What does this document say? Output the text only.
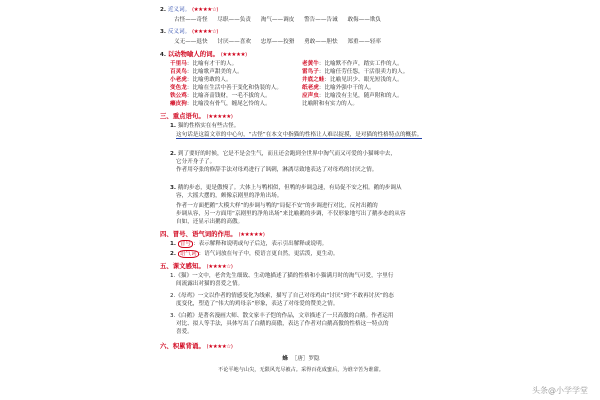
2. 近义词。 (★★★★☆)
古怪——奇怪 尽职——负责 淘气——调皮 警告——告诫 敢侮——欺负
3. 反义词。 (★★★★☆)
义无——退快 讨厌——喜欢 忠厚——狡猾 勇敢——胆怯 郑重——轻率
4. 以动物喻人的词。 (★★★★★)
千里马：比喻有才干的人。	老黄牛：比喻默不作声，踏实工作的人。
百灵鸟：比喻歌声甜美的人。	雷鸟子：比喻任劳任怨，干活很卖力的人。
小老虎：比喻勇敢的人。	井底之蛙：比喻见识少、眼光短浅的人。
变色龙：比喻在生活中善于变化和伪装的人。	纸老虎：比喻外强中干的人。
铁公鸡：比喻吝啬钱财，一毛不拔的人。	应声虫：比喻没有主见，随声附和的人。
癞皮狗：比喻没有骨气，缠尾乞怜的人。	比喻附和有实力的人。
三、重点语句。 (★★★★★)
1. 猫的性格实在有些古怪。
这句话是这篇文章的中心句，“古怪”在本文中指猫的性格让人难以捉摸，是对猫的性格特点的概括。
2. 到了要好的时候，它是不是会生气，而且还会跑到全世界中淘气而又可爱的小猫咪中去，
它分开身子了。
作者用夸张的修辞手法对母鸡进行了讽刺，淋漓尽致地表达了对母鸡的讨厌之情。
3. 鹅的步态，更是傲慢了。大体上与鸭相似，但鸭的步调急速，有局促不安之相。鹅的步调从
容，大摇大摆的，颇像京剧里的净角出场。
作者一方面把鹅“大模大样”的步调与鸭的“局促不安”的步调进行对比，反衬出鹅的
步调从容，另一方面用“京剧里的净角出场”来比喻鹅的步调，不仅形象地写出了鹅步态的从容
自如，还显示出鹅的高傲。
四、冒号、语气词的作用。 (★★★★★)
1. 冒号 ：表示解释和说明或句子后边，表示引出解释或说明。
2. 语气词 ：语气词放在句子中，使语言更自然，更活泼，更生动。
五、课文感知。 (★★★★☆)
1.《猫》一文中，老舍先生细致、生动地描述了猫的性格和小猫满月时的淘气可爱，字里行
间流露出对猫的喜爱之情。
2.《母鸡》一文以作者的情感变化为线索，描写了自己对母鸡由“讨厌”到“不敢再讨厌”的态
度变化，塑造了“伟大的鸡母亲”形象，表达了对母爱的赞美之情。
3.《白鹅》是著名漫画大师、散文家丰子恺的作品，文章描述了一只高傲的白鹅。作者运用
对比、拟人等手法，具体写出了白鹅的高傲，表达了作者对白鹅高傲的性格这一特点的
喜爱。
六、积累背诵。 (★★★★☆)
蜂 ［唐］罗隐
不论平地与山尖，无限风光尽被占。采得百花成蜜后，为谁辛苦为谁甜。
头条@小学学堂
